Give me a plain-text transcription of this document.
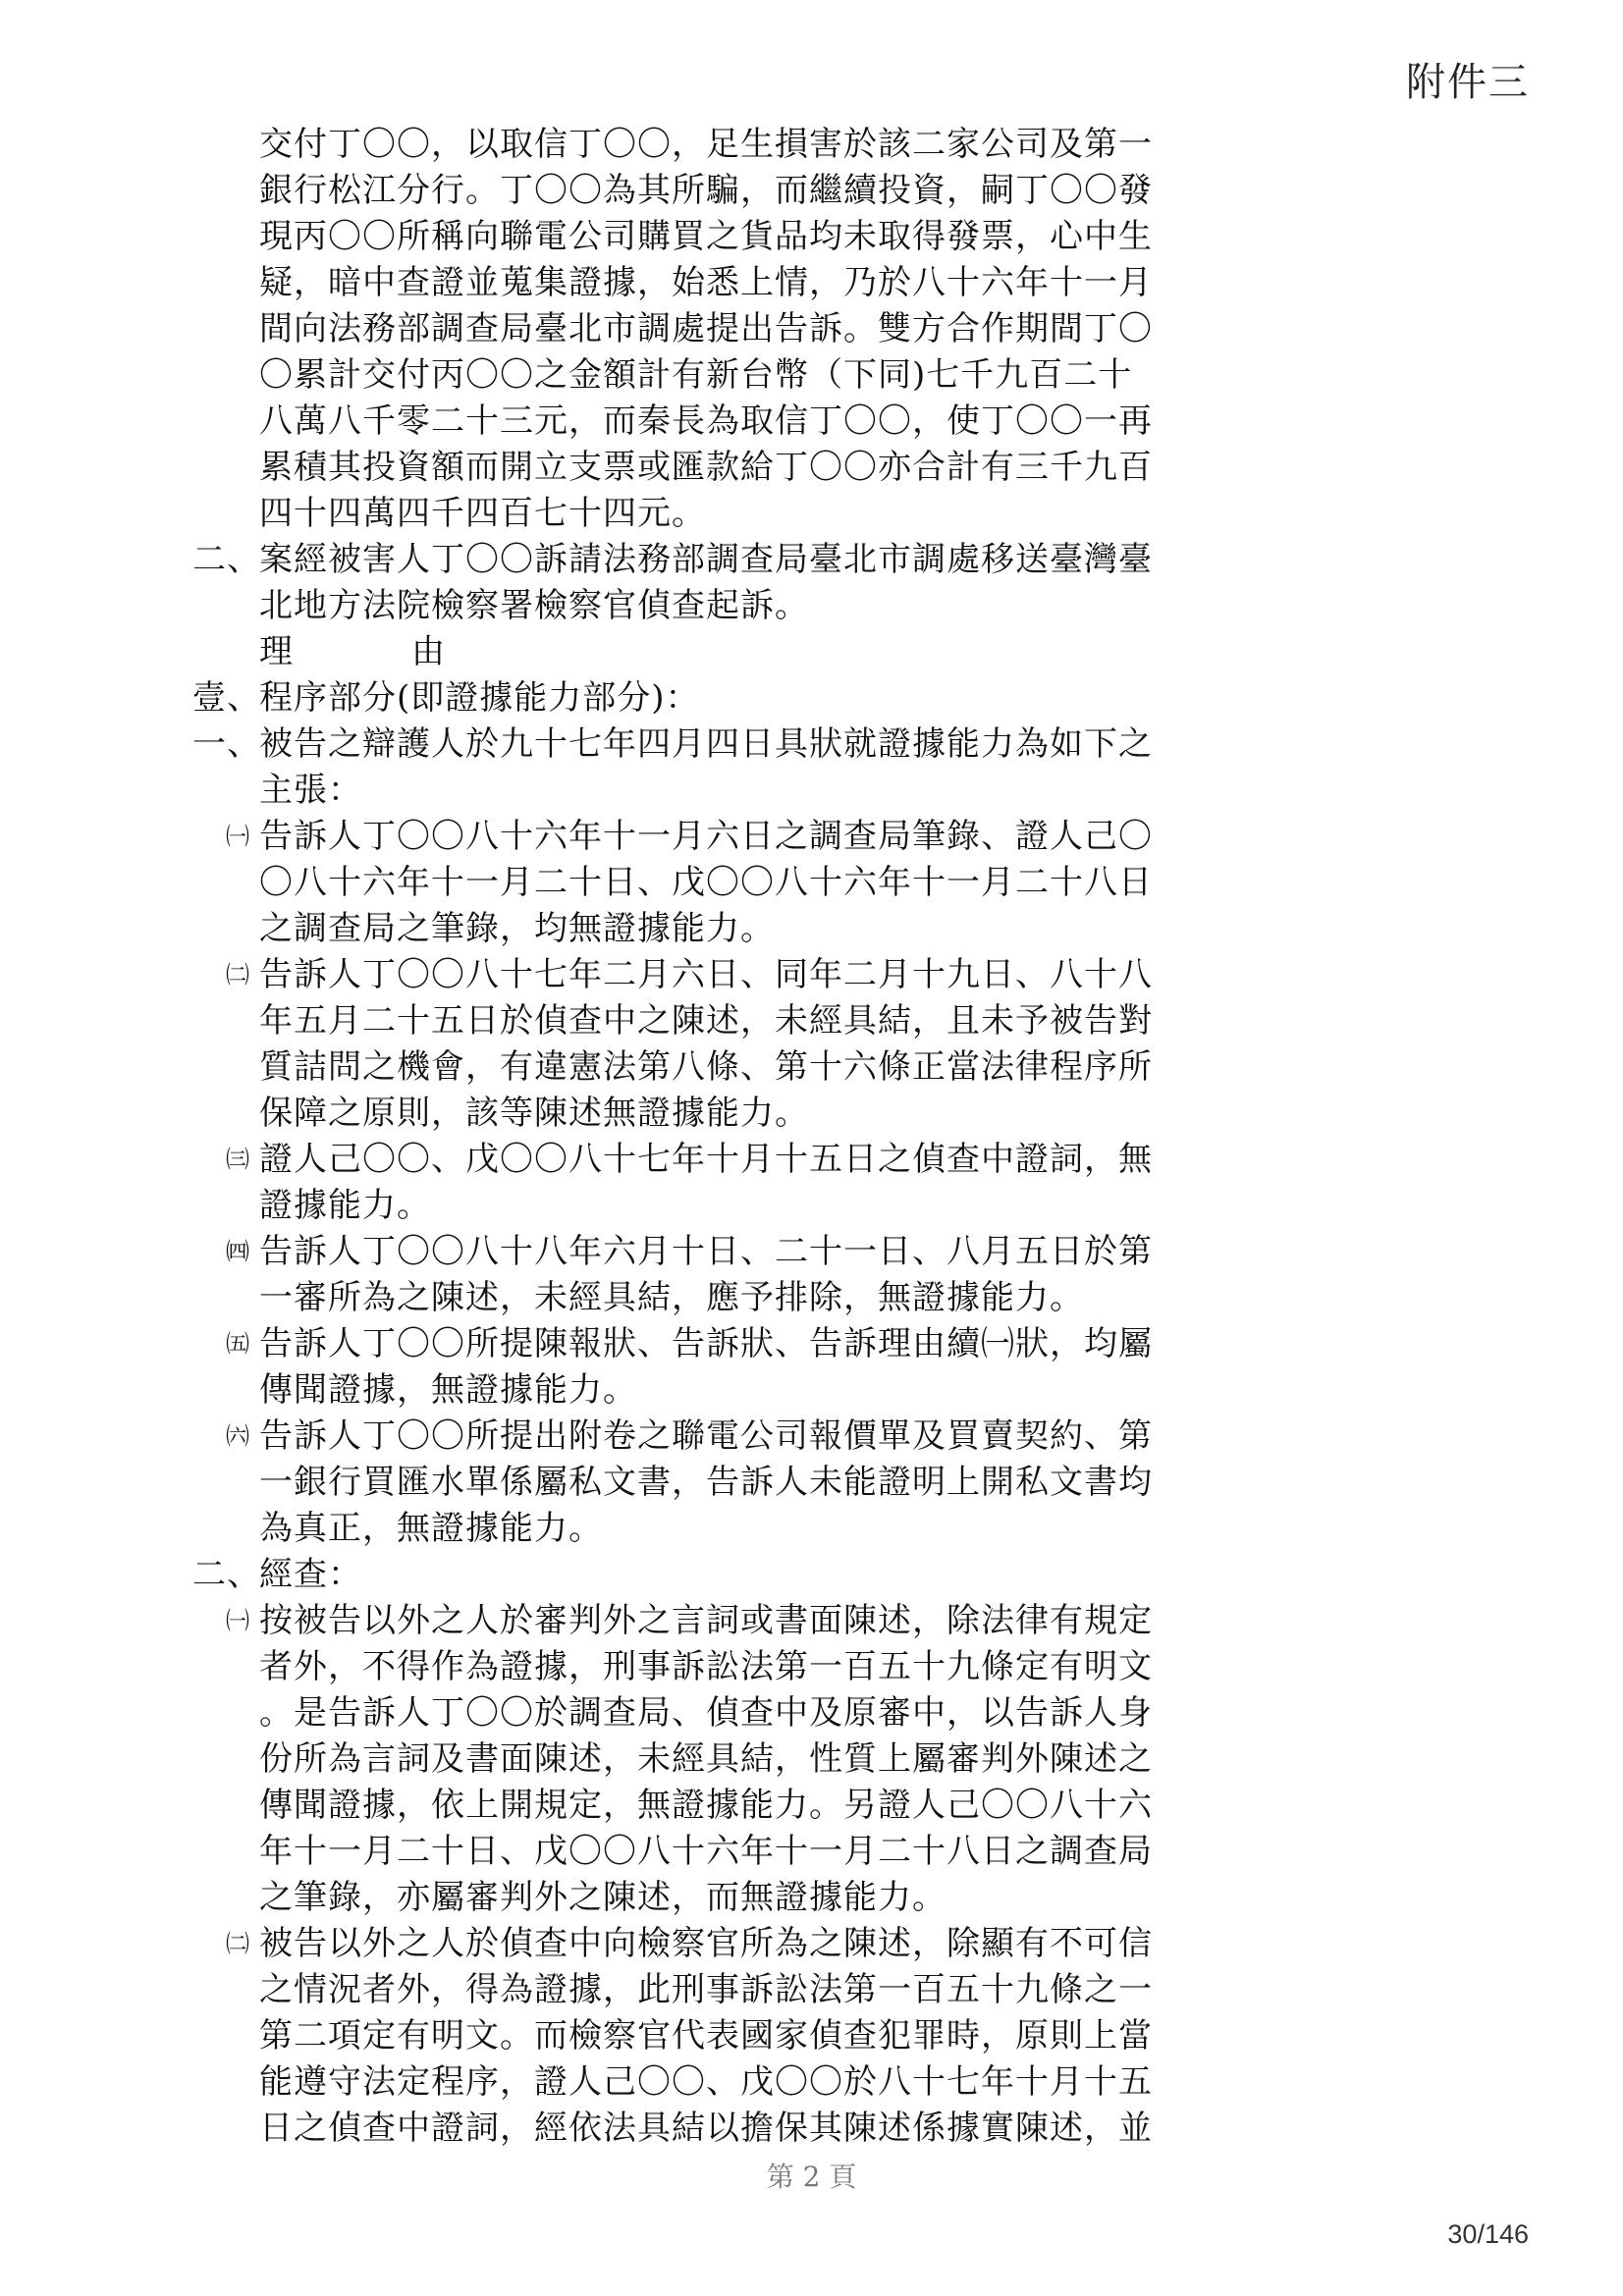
附件三
交付丁〇〇，以取信丁〇〇，足生損害於該二家公司及第一
銀行松江分行。丁〇〇為其所騙，而繼續投資，嗣丁〇〇發
現丙〇〇所稱向聯電公司購買之貨品均未取得發票，心中生
疑，暗中查證並蒐集證據，始悉上情，乃於八十六年十一月
間向法務部調查局臺北市調處提出告訴。雙方合作期間丁〇
〇累計交付丙〇〇之金額計有新台幣（下同)七千九百二十
八萬八千零二十三元，而秦長為取信丁〇〇，使丁〇〇一再
累積其投資額而開立支票或匯款給丁〇〇亦合計有三千九百
四十四萬四千四百七十四元。
二、
案經被害人丁〇〇訴請法務部調查局臺北市調處移送臺灣臺
北地方法院檢察署檢察官偵查起訴。
理	由
壹、
程序部分(即證據能力部分)：
一、
被告之辯護人於九十七年四月四日具狀就證據能力為如下之
主張：
㈠ 告訴人丁〇〇八十六年十一月六日之調查局筆錄、證人己〇
〇八十六年十一月二十日、戊〇〇八十六年十一月二十八日
之調查局之筆錄，均無證據能力。
㈡ 告訴人丁〇〇八十七年二月六日、同年二月十九日、八十八
年五月二十五日於偵查中之陳述，未經具結，且未予被告對
質詰問之機會，有違憲法第八條、第十六條正當法律程序所
保障之原則，該等陳述無證據能力。
㈢ 證人己〇〇、戊〇〇八十七年十月十五日之偵查中證詞，無
證據能力。
㈣ 告訴人丁〇〇八十八年六月十日、二十一日、八月五日於第
一審所為之陳述，未經具結，應予排除，無證據能力。
㈤ 告訴人丁〇〇所提陳報狀、告訴狀、告訴理由續㈠狀，均屬
傳聞證據，無證據能力。
㈥ 告訴人丁〇〇所提出附卷之聯電公司報價單及買賣契約、第
一銀行買匯水單係屬私文書，告訴人未能證明上開私文書均
為真正，無證據能力。
二、
經查：
㈠ 按被告以外之人於審判外之言詞或書面陳述，除法律有規定
者外，不得作為證據，刑事訴訟法第一百五十九條定有明文
。是告訴人丁〇〇於調查局、偵查中及原審中，以告訴人身
份所為言詞及書面陳述，未經具結，性質上屬審判外陳述之
傳聞證據，依上開規定，無證據能力。另證人己〇〇八十六
年十一月二十日、戊〇〇八十六年十一月二十八日之調查局
之筆錄，亦屬審判外之陳述，而無證據能力。
㈡ 被告以外之人於偵查中向檢察官所為之陳述，除顯有不可信
之情況者外，得為證據，此刑事訴訟法第一百五十九條之一
第二項定有明文。而檢察官代表國家偵查犯罪時，原則上當
能遵守法定程序，證人己〇〇、戊〇〇於八十七年十月十五
日之偵查中證詞，經依法具結以擔保其陳述係據實陳述，並
第 2 頁
30/146
